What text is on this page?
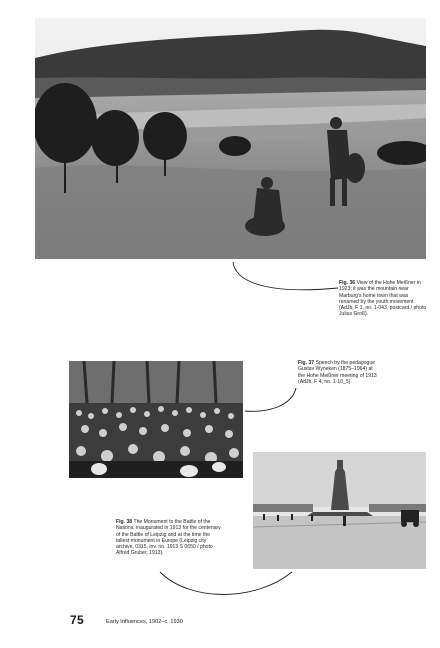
Fig. 36 View of the Hohe Meißner in 1923; it was the mountain near Marburg's home town that was renamed by the youth movement (AdJb, F 1, no. 1-043, postcard / photo Julius Groß).
Fig. 37 Speech by the pedagogue Gustav Wyneken (1875–1964) at the Hohe Meißner meeting of 1913 (AdJb, F 4, no. 1-10_5).
Fig. 38 The Monument to the Battle of the Nations, inaugurated in 1913 for the centenary of the Battle of Leipzig and at the time the tallest monument in Europe (Leipzig city archive, 0315, inv. no. 1913 S 0650 / photo Alfred Gruber, 1913).
75	Early Influences, 1902–c. 1930
